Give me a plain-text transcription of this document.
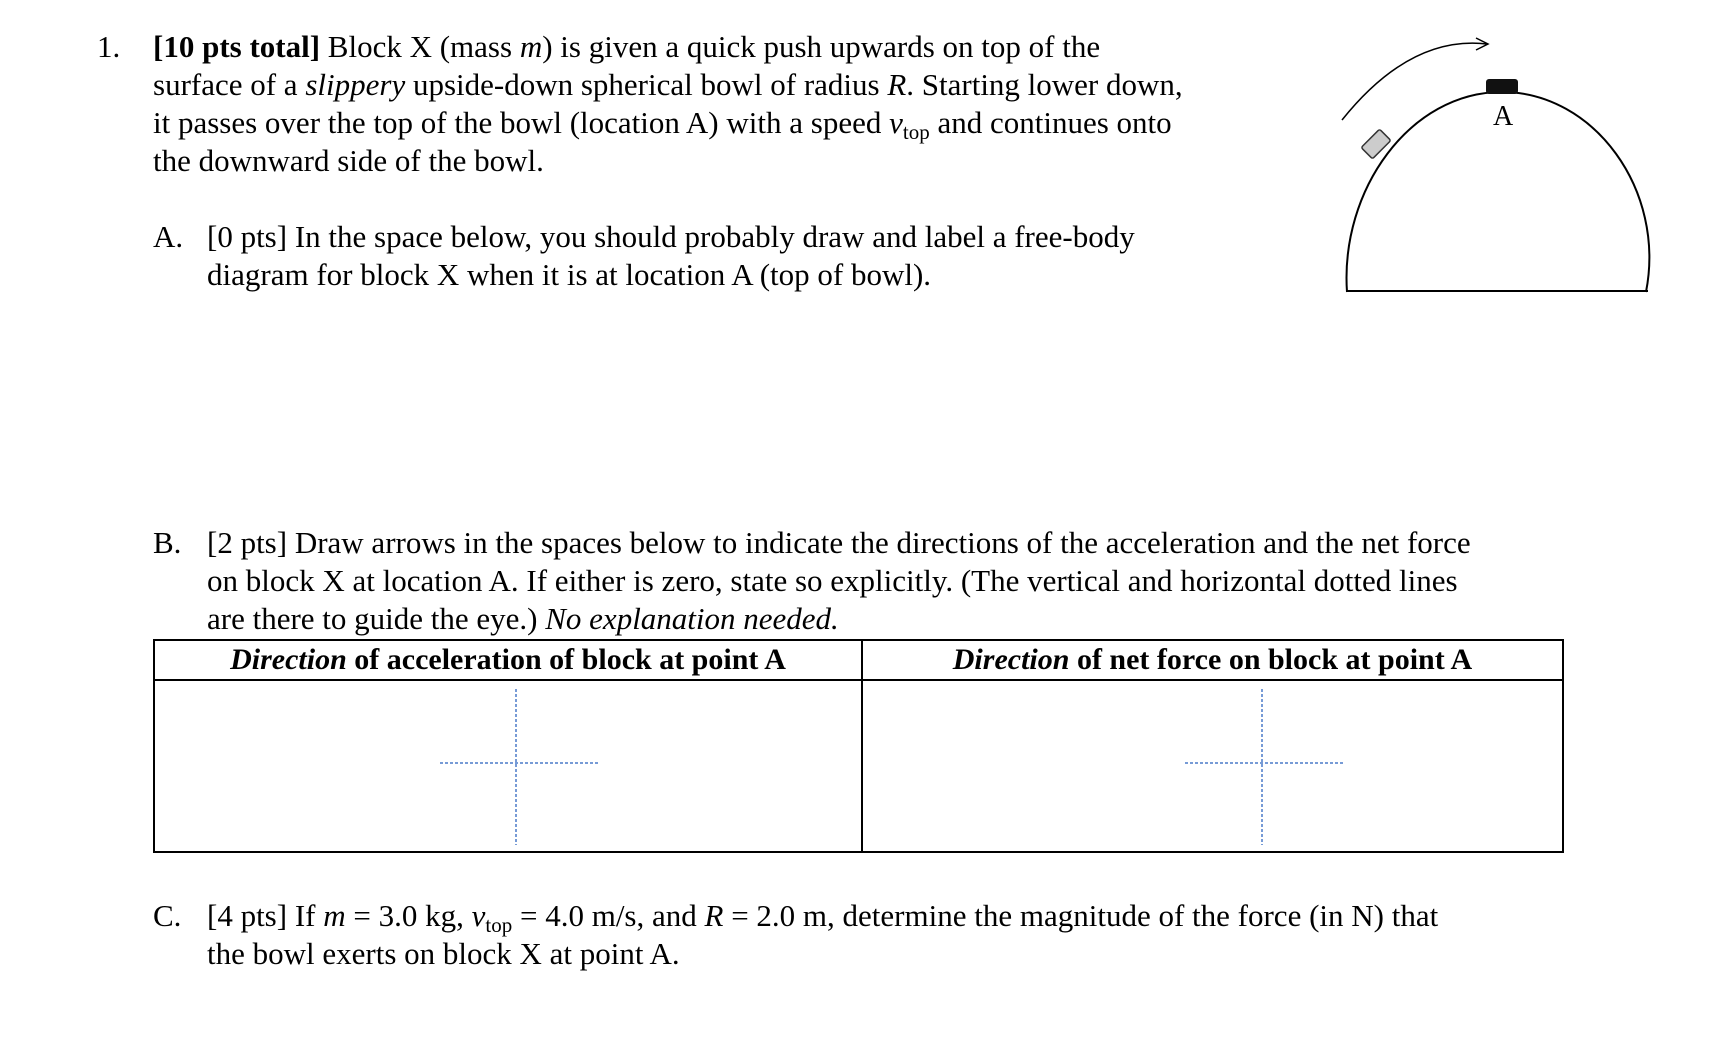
1. [10 pts total] Block X (mass m) is given a quick push upwards on top of the
surface of a slippery upside-down spherical bowl of radius R. Starting lower down,
it passes over the top of the bowl (location A) with a speed vtop and continues onto
the downward side of the bowl.
A
A. [0 pts] In the space below, you should probably draw and label a free-body
diagram for block X when it is at location A (top of bowl).
B. [2 pts] Draw arrows in the spaces below to indicate the directions of the acceleration and the net force
on block X at location A. If either is zero, state so explicitly. (The vertical and horizontal dotted lines
are there to guide the eye.) No explanation needed.
Direction of acceleration of block at point A	Direction of net force on block at point A

C. [4 pts] If m = 3.0 kg, vtop = 4.0 m/s, and R = 2.0 m, determine the magnitude of the force (in N) that
the bowl exerts on block X at point A.
